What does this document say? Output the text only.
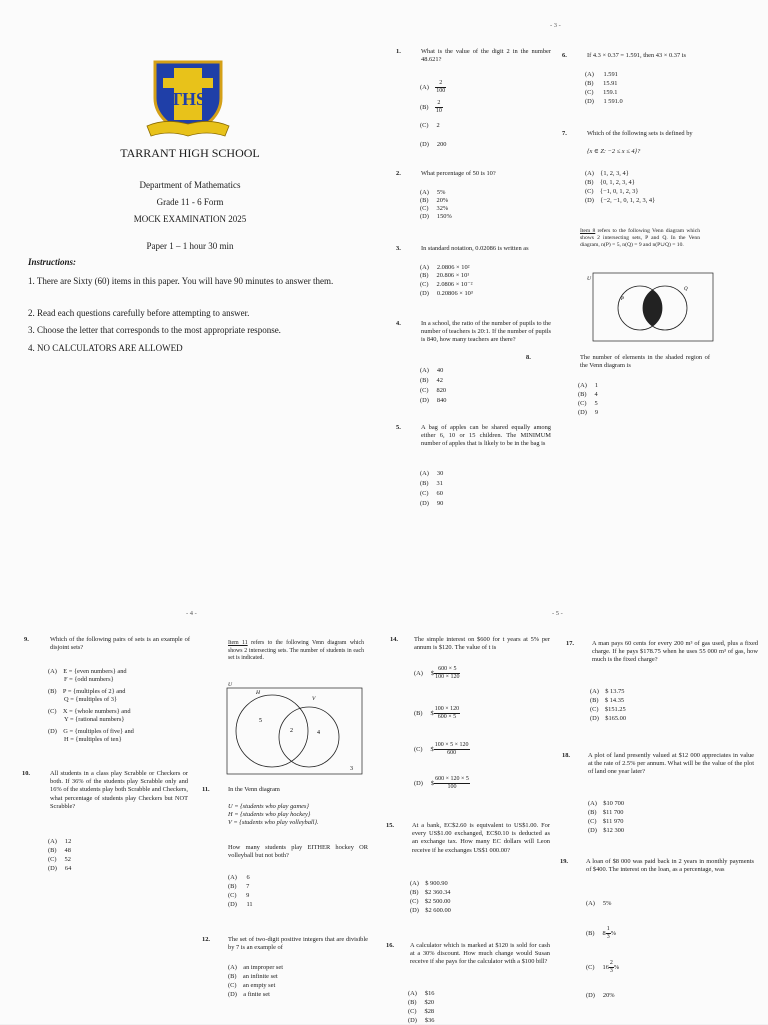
THS
TARRANT HIGH SCHOOL
Department of Mathematics
Grade 11 - 6 Form
MOCK EXAMINATION 2025
Paper 1 – 1 hour 30 min
Instructions:
1. There are Sixty (60) items in this paper. You will have 90 minutes to answer them.
2. Read each questions carefully before attempting to answer.
3. Choose the letter that corresponds to the most appropriate response.
4. NO CALCULATORS ARE ALLOWED
- 3 -
1.	What is the value of the digit 2 in the number 48.621?
$(A) \frac{2}{100}$
$(B) \frac{2}{10}$
(C) 2
(D) 200
2.	What percentage of 50 is 10?
(A) 5%
(B) 20%
(C) 32%
(D) 150%
3.	In standard notation, 0.02086 is written as
(A) 2.0806 × 10²
(B) 20.806 × 10¹
(C) 2.0806 × 10⁻²
(D) 0.20806 × 10³
4.	In a school, the ratio of the number of pupils to the number of teachers is 20:1. If the number of pupils is 840, how many teachers are there?
(A) 40
(B) 42
(C) 820
(D) 840
5.	A bag of apples can be shared equally among either 6, 10 or 15 children. The MINIMUM number of apples that is likely to be in the bag is
(A) 30
(B) 31
(C) 60
(D) 90
6.	If 4.3 × 0.37 = 1.591, then 43 × 0.37 is
(A) 1.591
(B) 15.91
(C) 159.1
(D) 1 591.0
7.	Which of the following sets is defined by
{x ∈ Z: −2 ≤ x ≤ 4}?
(A) {1, 2, 3, 4}
(B) {0, 1, 2, 3, 4}
(C) {−1, 0, 1, 2, 3}
(D) {−2, −1, 0, 1, 2, 3, 4}
Item 8 refers to the following Venn diagram which shows 2 intersecting sets, P and Q. In the Venn diagram, n(P) = 5, n(Q) = 9 and n(P∪Q) = 10.
U
P
Q
8.	The number of elements in the shaded region of the Venn diagram is
(A) 1
(B) 4
(C) 5
(D) 9
- 4 -
9.	Which of the following pairs of sets is an example of disjoint sets?
(A) E = {even numbers} and
F = {odd numbers}
(B) P = {multiples of 2} and
Q = {multiples of 3}
(C) X = {whole numbers} and
Y = {rational numbers}
(D) G = {multiples of five} and
H = {multiples of ten}
10.	All students in a class play Scrabble or Checkers or both. If 36% of the students play Scrabble only and 16% of the students play both Scrabble and Checkers, what percentage of students play Checkers but NOT Scrabble?
(A) 12
(B) 48
(C) 52
(D) 64
Item 11 refers to the following Venn diagram which shows 2 intersecting sets. The number of students in each set is indicated.
U
H
V
5
2	4
3
11.	In the Venn diagram
U = {students who play games}
H = {students who play hockey}
V = {students who play volleyball}.
How many students play EITHER hockey OR volleyball but not both?
(A) 6
(B) 7
(C) 9
(D) 11
12.	The set of two-digit positive integers that are divisible by 7 is an example of
(A) an improper set
(B) an infinite set
(C) an empty set
(D) a finite set
- 5 -
14.	The simple interest on $600 for t years at 5% per annum is $120. The value of t is
(A) $ $\frac{600 \times 5}{100 \times 120}$
(B) $ $\frac{100 \times 120}{600 \times 5}$
(C) $ $\frac{100 \times 5 \times 120}{600}$
(D) $ $\frac{600 \times 120 \times 5}{100}$
15.	At a bank, EC$2.60 is equivalent to US$1.00. For every US$1.00 exchanged, EC$0.10 is deducted as an exchange tax. How many EC dollars will Leon receive if he exchanges US$1 000.00?
(A) $ 900.90
(B) $2 360.34
(C) $2 500.00
(D) $2 600.00
16.	A calculator which is marked at $120 is sold for cash at a 30% discount. How much change would Susan receive if she pays for the calculator with a $100 bill?
(A) $16
(B) $20
(C) $28
(D) $36
17.	A man pays 60 cents for every 200 m³ of gas used, plus a fixed charge. If he pays $178.75 when he uses 55 000 m³ of gas, how much is the fixed charge?
(A) $ 13.75
(B) $ 14.35
(C) $151.25
(D) $165.00
18.	A plot of land presently valued at $12 000 appreciates in value at the rate of 2.5% per annum. What will be the value of the plot of land one year later?
(A) $10 700
(B) $11 700
(C) $11 970
(D) $12 300
19.	A loan of $8 000 was paid back in 2 years in monthly payments of $400. The interest on the loan, as a percentage, was
(A) 5%
(B) $8 \frac{1}{3}$ %
(C) $16 \frac{2}{3}$ %
(D) 20%
